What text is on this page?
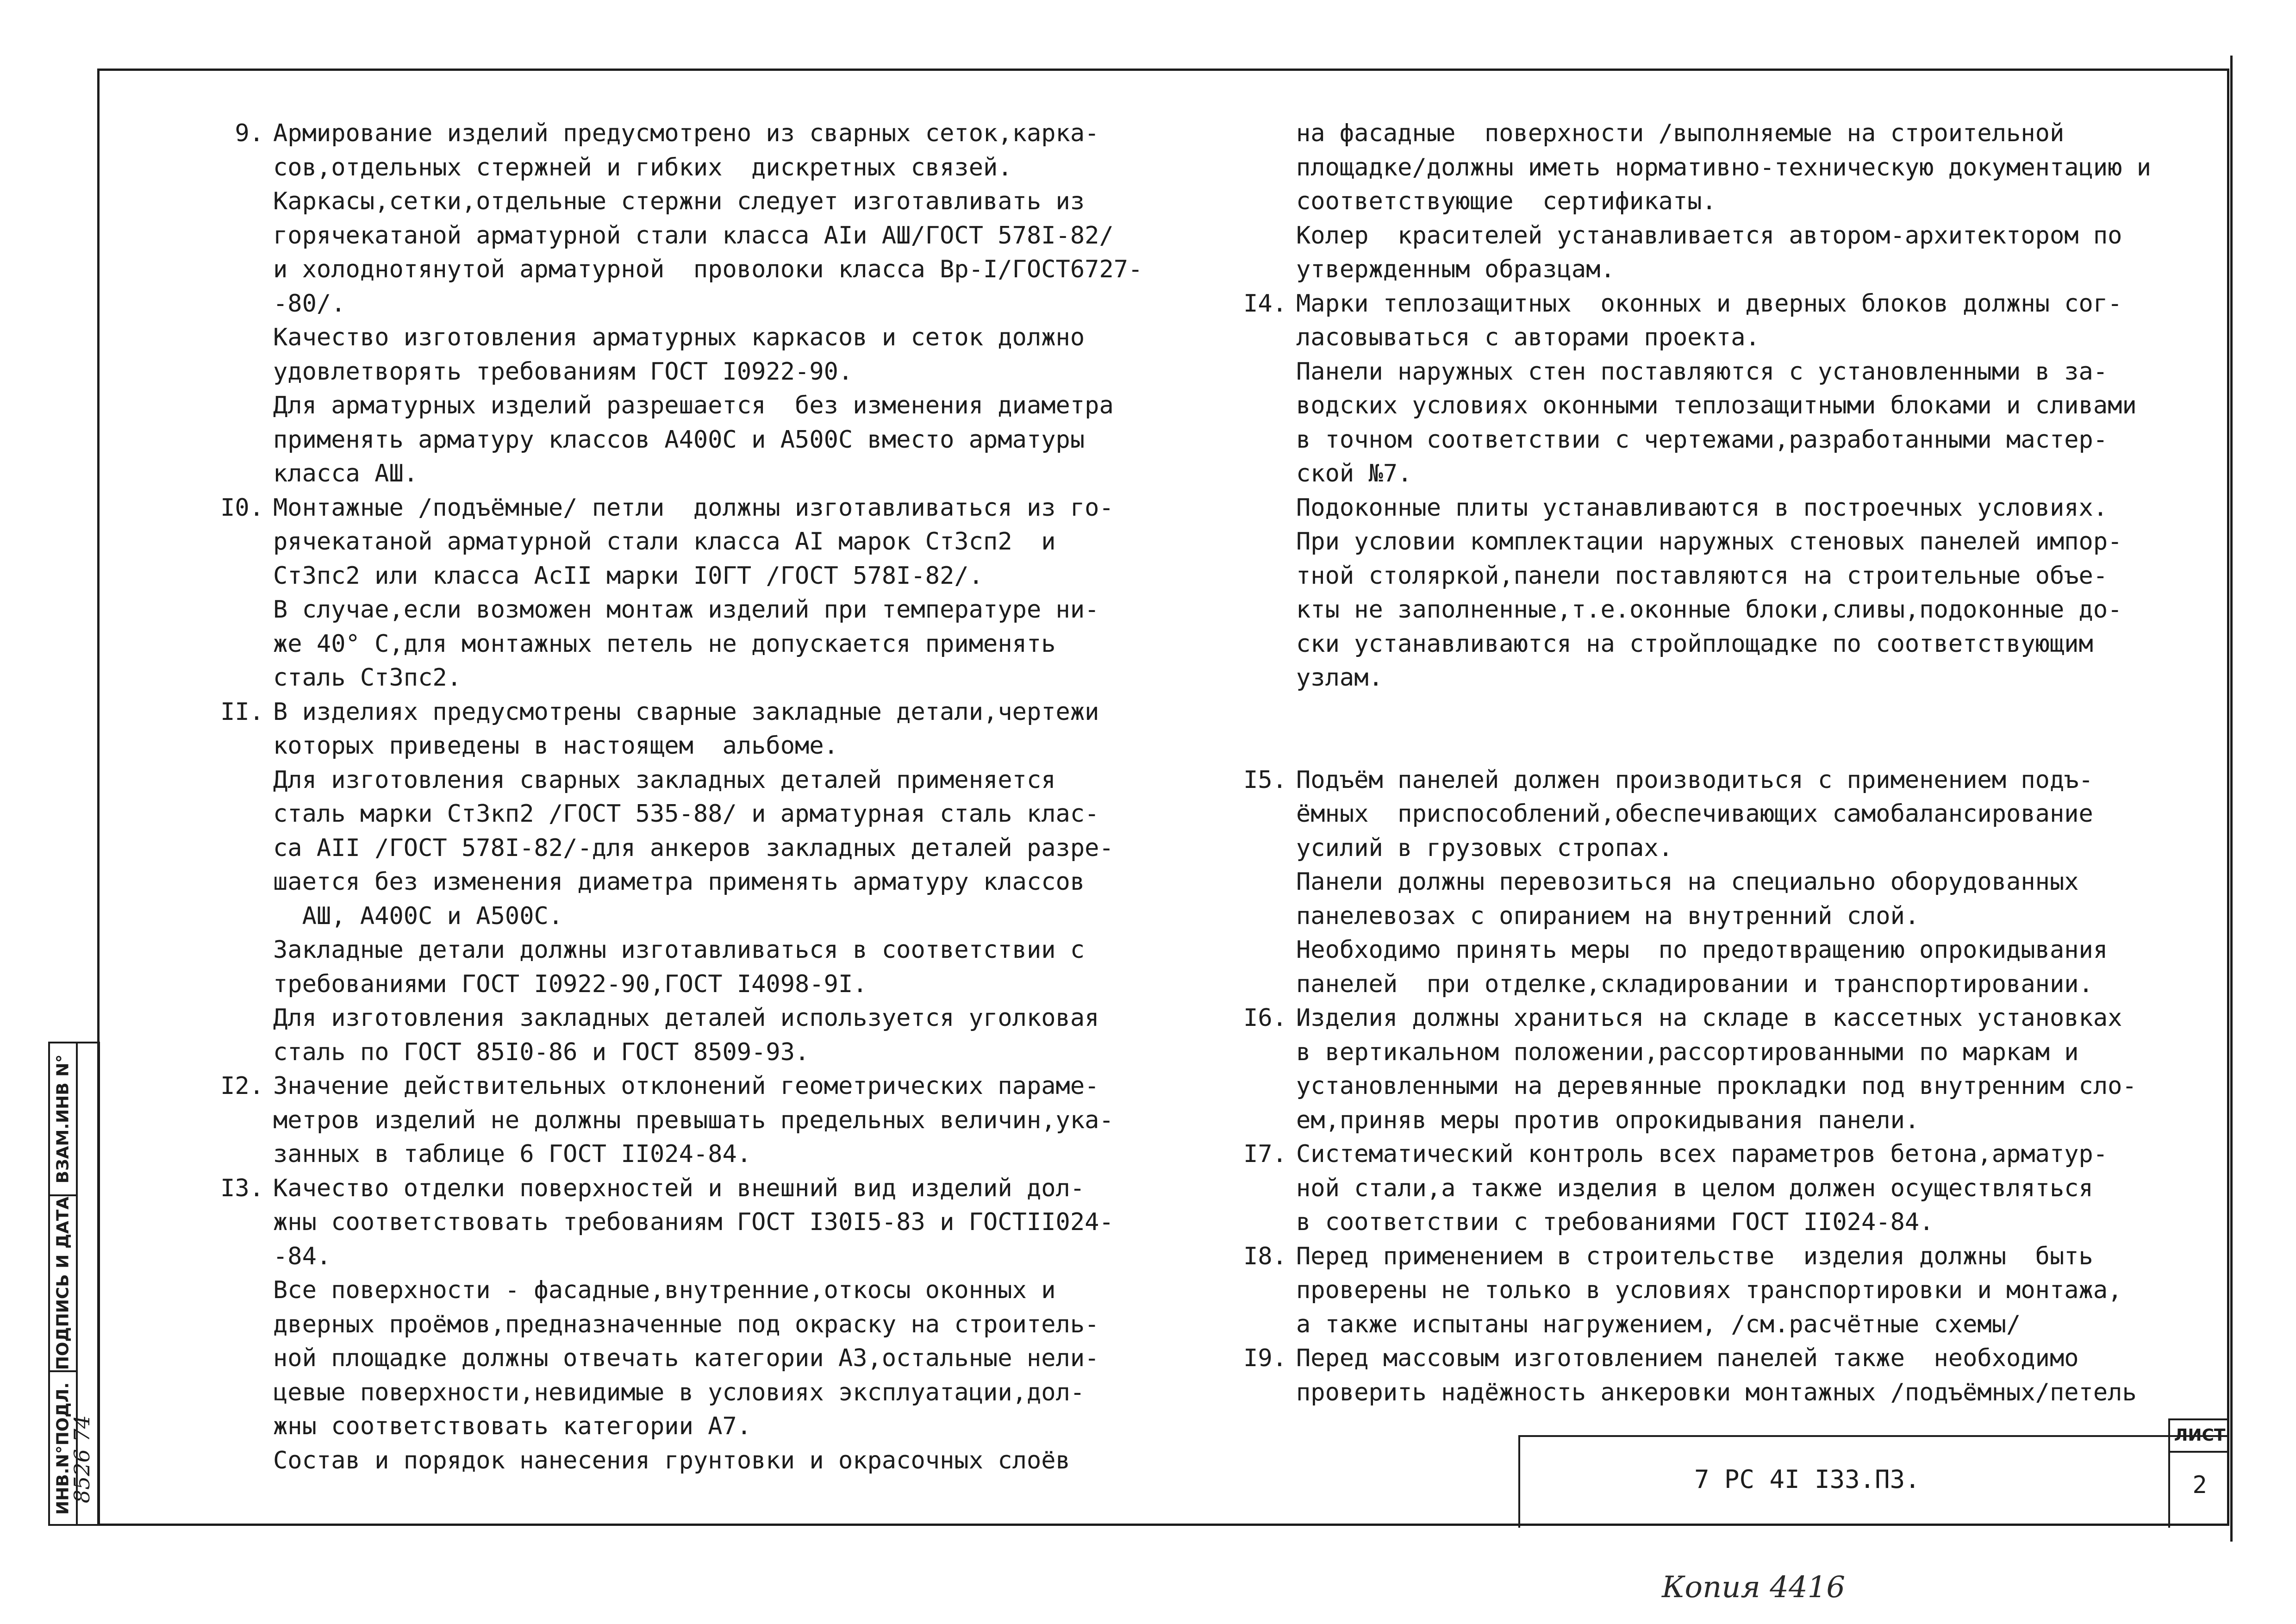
9. Армирование изделий предусмотрено из сварных сеток,карка-
сов,отдельных стержней и гибких  дискретных связей.
Каркасы,сетки,отдельные стержни следует изготавливать из
горячекатаной арматурной стали класса АIи АШ/ГОСТ 578I-82/
и холоднотянутой арматурной  проволоки класса Вр-I/ГОСТ6727-
-80/.
Качество изготовления арматурных каркасов и сеток должно
удовлетворять требованиям ГОСТ I0922-90.
Для арматурных изделий разрешается  без изменения диаметра
применять арматуру классов А400С и А500С вместо арматуры
класса АШ.
I0. Монтажные /подъёмные/ петли  должны изготавливаться из го-
рячекатаной арматурной стали класса АI марок Ст3сп2  и
Ст3пс2 или класса АсII марки I0ГТ /ГОСТ 578I-82/.
В случае,если возможен монтаж изделий при температуре ни-
же 40° С,для монтажных петель не допускается применять
сталь Ст3пс2.
II. В изделиях предусмотрены сварные закладные детали,чертежи
которых приведены в настоящем  альбоме.
Для изготовления сварных закладных деталей применяется
сталь марки Ст3кп2 /ГОСТ 535-88/ и арматурная сталь клас-
са АII /ГОСТ 578I-82/-для анкеров закладных деталей разре-
шается без изменения диаметра применять арматуру классов
АШ, А400С и А500С.
Закладные детали должны изготавливаться в соответствии с
требованиями ГОСТ I0922-90,ГОСТ I4098-9I.
Для изготовления закладных деталей используется уголковая
сталь по ГОСТ 85I0-86 и ГОСТ 8509-93.
I2. Значение действительных отклонений геометрических параме-
метров изделий не должны превышать предельных величин,ука-
занных в таблице 6 ГОСТ II024-84.
I3. Качество отделки поверхностей и внешний вид изделий дол-
жны соответствовать требованиям ГОСТ I30I5-83 и ГОСТII024-
-84.
Все поверхности - фасадные,внутренние,откосы оконных и
дверных проёмов,предназначенные под окраску на строитель-
ной площадке должны отвечать категории А3,остальные нели-
цевые поверхности,невидимые в условиях эксплуатации,дол-
жны соответствовать категории А7.
Состав и порядок нанесения грунтовки и окрасочных слоёв
на фасадные  поверхности /выполняемые на строительной
площадке/должны иметь нормативно-техническую документацию и
соответствующие  сертификаты.
Колер  красителей устанавливается автором-архитектором по
утвержденным образцам.
I4. Марки теплозащитных  оконных и дверных блоков должны сог-
ласовываться с авторами проекта.
Панели наружных стен поставляются с установленными в за-
водских условиях оконными теплозащитными блоками и сливами
в точном соответствии с чертежами,разработанными мастер-
ской №7.
Подоконные плиты устанавливаются в построечных условиях.
При условии комплектации наружных стеновых панелей импор-
тной столяркой,панели поставляются на строительные объе-
кты не заполненные,т.е.оконные блоки,сливы,подоконные до-
ски устанавливаются на стройплощадке по соответствующим
узлам.
I5. Подъём панелей должен производиться с применением подъ-
ёмных  приспособлений,обеспечивающих самобалансирование
усилий в грузовых стропах.
Панели должны перевозиться на специально оборудованных
панелевозах с опиранием на внутренний слой.
Необходимо принять меры  по предотвращению опрокидывания
панелей  при отделке,складировании и транспортировании.
I6. Изделия должны храниться на складе в кассетных установках
в вертикальном положении,рассортированными по маркам и
установленными на деревянные прокладки под внутренним сло-
ем,приняв меры против опрокидывания панели.
I7. Систематический контроль всех параметров бетона,арматур-
ной стали,а также изделия в целом должен осуществляться
в соответствии с требованиями ГОСТ II024-84.
I8. Перед применением в строительстве  изделия должны  быть
проверены не только в условиях транспортировки и монтажа,
а также испытаны нагружением, /см.расчётные схемы/
I9. Перед массовым изготовлением панелей также  необходимо
проверить надёжность анкеровки монтажных /подъёмных/петель
ВЗАМ.ИНВ N°
ПОДПИСЬ И ДАТА
ИНВ.N°ПОДЛ.
8526 74	7 РС 4I I33.ПЗ.
ЛИСТ
2
Копия 4416
